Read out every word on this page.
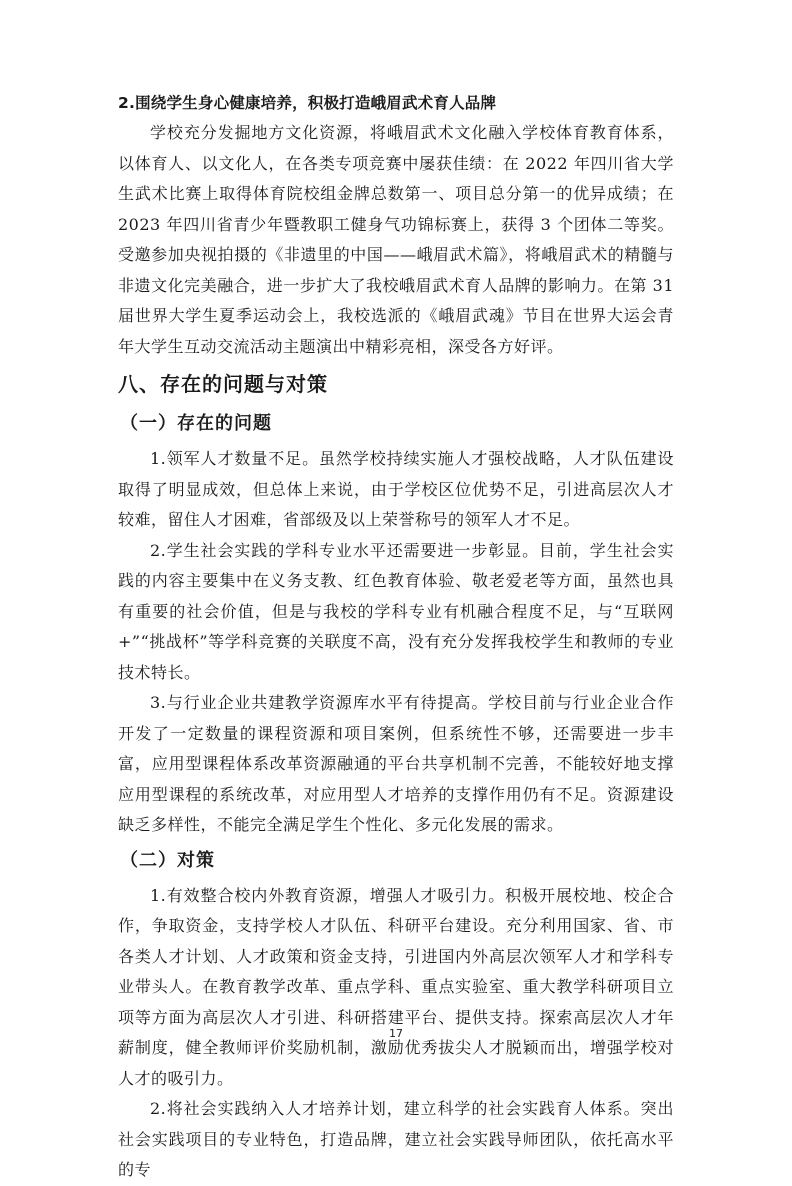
2.围绕学生身心健康培养，积极打造峨眉武术育人品牌

学校充分发掘地方文化资源，将峨眉武术文化融入学校体育教育体系，以体育人、以文化人，在各类专项竞赛中屡获佳绩：在 2022 年四川省大学生武术比赛上取得体育院校组金牌总数第一、项目总分第一的优异成绩；在 2023 年四川省青少年暨教职工健身气功锦标赛上，获得 3 个团体二等奖。受邀参加央视拍摄的《非遗里的中国——峨眉武术篇》，将峨眉武术的精髓与非遗文化完美融合，进一步扩大了我校峨眉武术育人品牌的影响力。在第 31 届世界大学生夏季运动会上，我校选派的《峨眉武魂》节目在世界大运会青年大学生互动交流活动主题演出中精彩亮相，深受各方好评。

八、存在的问题与对策
（一）存在的问题

1.领军人才数量不足。虽然学校持续实施人才强校战略，人才队伍建设取得了明显成效，但总体上来说，由于学校区位优势不足，引进高层次人才较难，留住人才困难，省部级及以上荣誉称号的领军人才不足。

2.学生社会实践的学科专业水平还需要进一步彰显。目前，学生社会实践的内容主要集中在义务支教、红色教育体验、敬老爱老等方面，虽然也具有重要的社会价值，但是与我校的学科专业有机融合程度不足，与“互联网+”“挑战杯”等学科竞赛的关联度不高，没有充分发挥我校学生和教师的专业技术特长。

3.与行业企业共建教学资源库水平有待提高。学校目前与行业企业合作开发了一定数量的课程资源和项目案例，但系统性不够，还需要进一步丰富，应用型课程体系改革资源融通的平台共享机制不完善，不能较好地支撑应用型课程的系统改革，对应用型人才培养的支撑作用仍有不足。资源建设缺乏多样性，不能完全满足学生个性化、多元化发展的需求。

（二）对策

1.有效整合校内外教育资源，增强人才吸引力。积极开展校地、校企合作，争取资金，支持学校人才队伍、科研平台建设。充分利用国家、省、市各类人才计划、人才政策和资金支持，引进国内外高层次领军人才和学科专业带头人。在教育教学改革、重点学科、重点实验室、重大教学科研项目立项等方面为高层次人才引进、科研搭建平台、提供支持。探索高层次人才年薪制度，健全教师评价奖励机制，激励优秀拔尖人才脱颖而出，增强学校对人才的吸引力。

2.将社会实践纳入人才培养计划，建立科学的社会实践育人体系。突出社会实践项目的专业特色，打造品牌，建立社会实践导师团队，依托高水平的专

17
